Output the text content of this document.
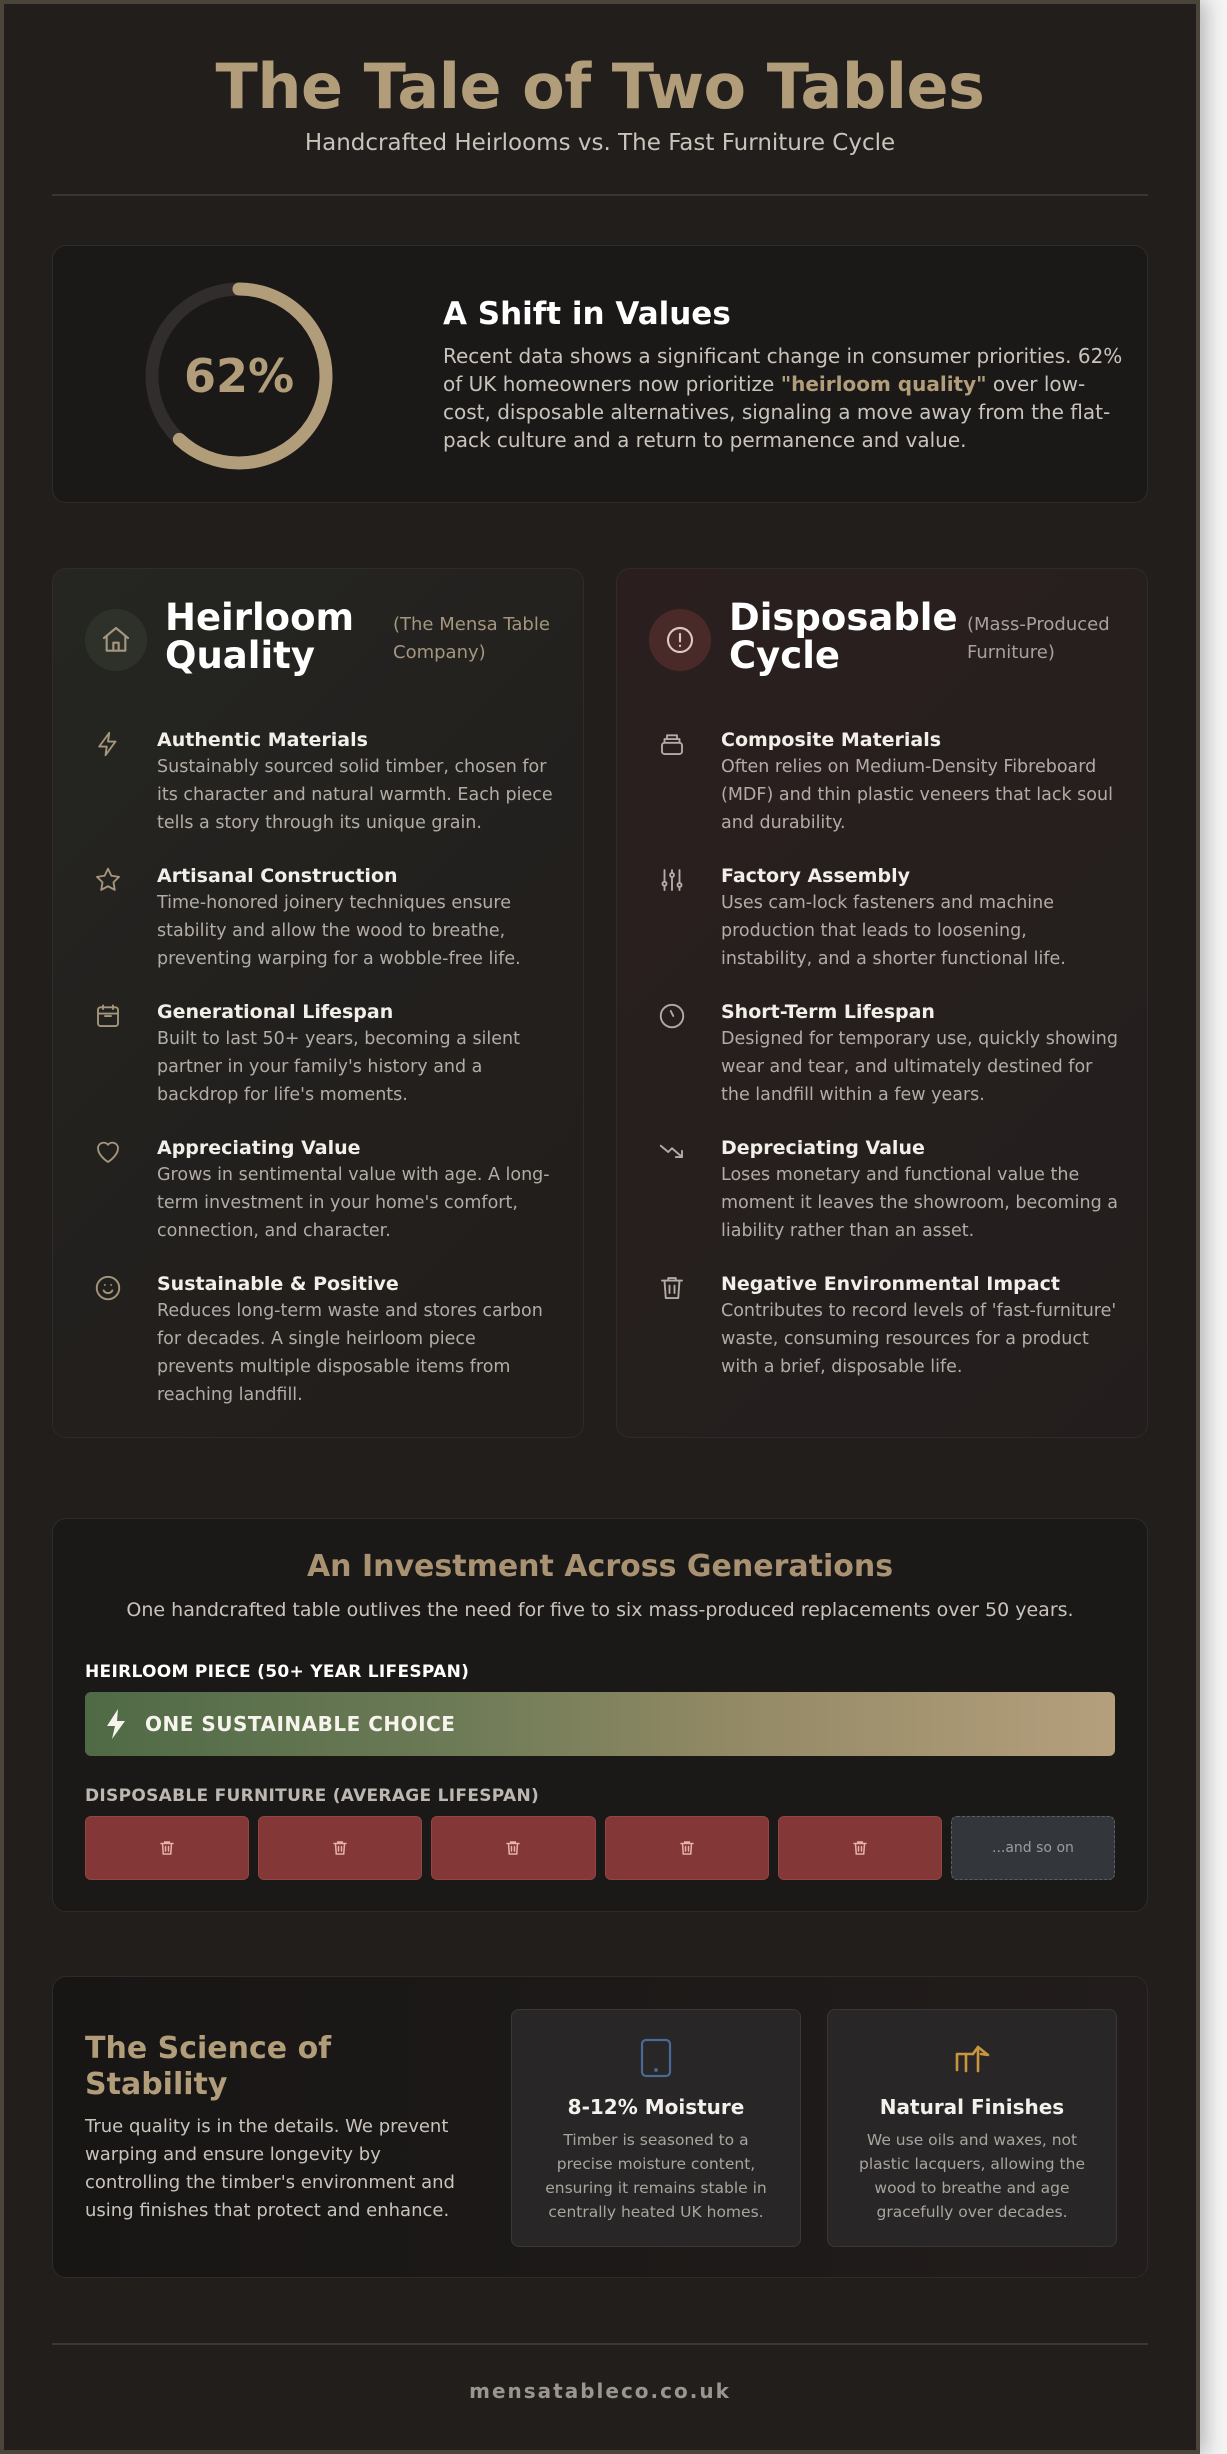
The Tale of Two Tables
Handcrafted Heirlooms vs. The Fast Furniture Cycle
62%
A Shift in Values

Recent data shows a significant change in consumer priorities. 62% of UK homeowners now prioritize "heirloom quality" over low-cost, disposable alternatives, signaling a move away from the flat-pack culture and a return to permanence and value.

Heirloom
Quality
(The Mensa Table Company)
Authentic Materials
Sustainably sourced solid timber, chosen for its character and natural warmth. Each piece tells a story through its unique grain.
Artisanal Construction
Time-honored joinery techniques ensure stability and allow the wood to breathe, preventing warping for a wobble-free life.
Generational Lifespan
Built to last 50+ years, becoming a silent partner in your family's history and a backdrop for life's moments.
Appreciating Value
Grows in sentimental value with age. A long-term investment in your home's comfort, connection, and character.
Sustainable & Positive
Reduces long-term waste and stores carbon for decades. A single heirloom piece prevents multiple disposable items from reaching landfill.
Disposable
Cycle
(Mass-Produced Furniture)
Composite Materials
Often relies on Medium-Density Fibreboard (MDF) and thin plastic veneers that lack soul and durability.
Factory Assembly
Uses cam-lock fasteners and machine production that leads to loosening, instability, and a shorter functional life.
Short-Term Lifespan
Designed for temporary use, quickly showing wear and tear, and ultimately destined for the landfill within a few years.
Depreciating Value
Loses monetary and functional value the moment it leaves the showroom, becoming a liability rather than an asset.
Negative Environmental Impact
Contributes to record levels of 'fast-furniture' waste, consuming resources for a product with a brief, disposable life.
An Investment Across Generations

One handcrafted table outlives the need for five to six mass-produced replacements over 50 years.

HEIRLOOM PIECE (50+ YEAR LIFESPAN)
ONE SUSTAINABLE CHOICE
DISPOSABLE FURNITURE (AVERAGE LIFESPAN)
...and so on
The Science of Stability

True quality is in the details. We prevent warping and ensure longevity by controlling the timber's environment and using finishes that protect and enhance.

8-12% Moisture
Timber is seasoned to a precise moisture content, ensuring it remains stable in centrally heated UK homes.
Natural Finishes
We use oils and waxes, not plastic lacquers, allowing the wood to breathe and age gracefully over decades.
mensatableco.co.uk
